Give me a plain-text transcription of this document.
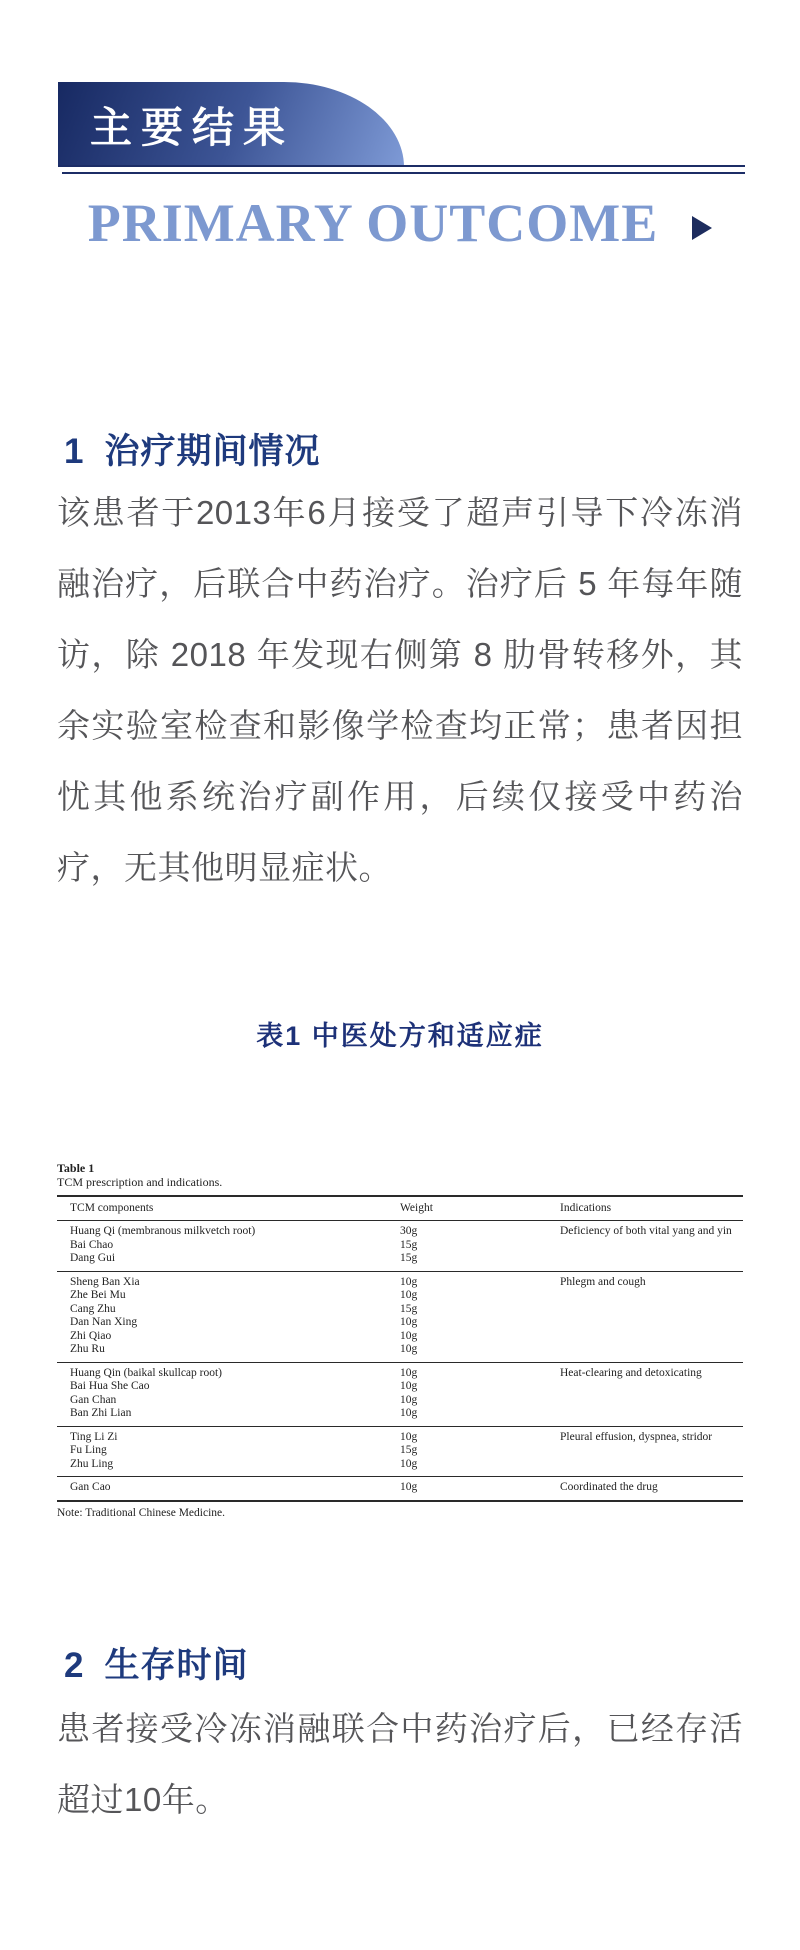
主要结果
PRIMARY OUTCOME
1 治疗期间情况
该患者于2013年6月接受了超声引导下冷冻消融治疗，后联合中药治疗。治疗后 5 年每年随访，除 2018 年发现右侧第 8 肋骨转移外，其余实验室检查和影像学检查均正常；患者因担忧其他系统治疗副作用，后续仅接受中药治疗，无其他明显症状。
表1 中医处方和适应症
Table 1
TCM prescription and indications.
TCM components	Weight	Indications
Huang Qi (membranous milkvetch root)	30g	Deficiency of both vital yang and yin
Bai Chao	15g
Dang Gui	15g
Sheng Ban Xia	10g	Phlegm and cough
Zhe Bei Mu	10g
Cang Zhu	15g
Dan Nan Xing	10g
Zhi Qiao	10g
Zhu Ru	10g
Huang Qin (baikal skullcap root)	10g	Heat-clearing and detoxicating
Bai Hua She Cao	10g
Gan Chan	10g
Ban Zhi Lian	10g
Ting Li Zi	10g	Pleural effusion, dyspnea, stridor
Fu Ling	15g
Zhu Ling	10g
Gan Cao	10g	Coordinated the drug
Note: Traditional Chinese Medicine.
2 生存时间
患者接受冷冻消融联合中药治疗后，已经存活超过10年。
